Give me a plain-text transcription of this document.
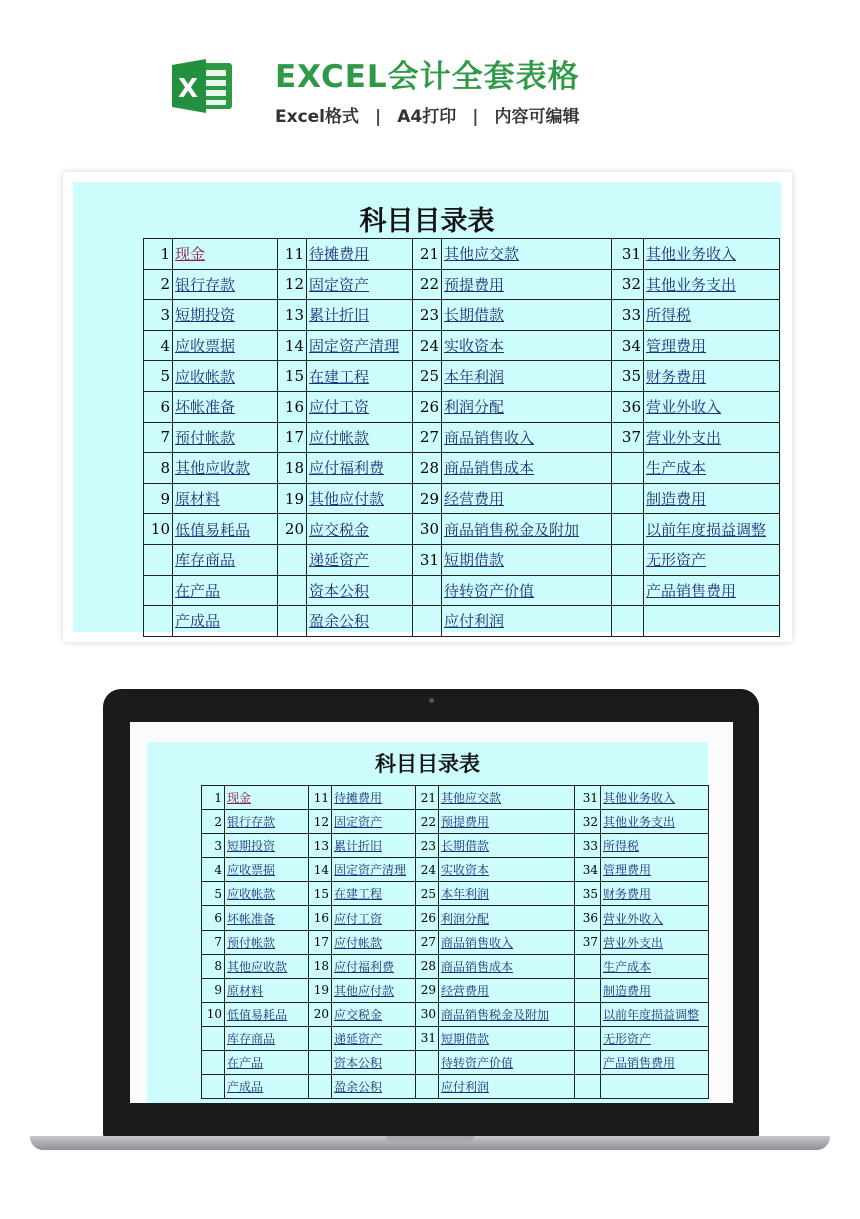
X EXCEL会计全套表格
Excel格式 | A4打印 | 内容可编辑
科目目录表
1	现金	11	待摊费用	21	其他应交款	31	其他业务收入
2	银行存款	12	固定资产	22	预提费用	32	其他业务支出
3	短期投资	13	累计折旧	23	长期借款	33	所得税
4	应收票据	14	固定资产清理	24	实收资本	34	管理费用
5	应收帐款	15	在建工程	25	本年利润	35	财务费用
6	坏帐准备	16	应付工资	26	利润分配	36	营业外收入
7	预付帐款	17	应付帐款	27	商品销售收入	37	营业外支出
8	其他应收款	18	应付福利费	28	商品销售成本		生产成本
9	原材料	19	其他应付款	29	经营费用		制造费用
10	低值易耗品	20	应交税金	30	商品销售税金及附加		以前年度损益调整
	库存商品		递延资产	31	短期借款		无形资产
	在产品		资本公积		待转资产价值		产品销售费用
	产成品		盈余公积		应付利润		
科目目录表
1	现金	11	待摊费用	21	其他应交款	31	其他业务收入
2	银行存款	12	固定资产	22	预提费用	32	其他业务支出
3	短期投资	13	累计折旧	23	长期借款	33	所得税
4	应收票据	14	固定资产清理	24	实收资本	34	管理费用
5	应收帐款	15	在建工程	25	本年利润	35	财务费用
6	坏帐准备	16	应付工资	26	利润分配	36	营业外收入
7	预付帐款	17	应付帐款	27	商品销售收入	37	营业外支出
8	其他应收款	18	应付福利费	28	商品销售成本		生产成本
9	原材料	19	其他应付款	29	经营费用		制造费用
10	低值易耗品	20	应交税金	30	商品销售税金及附加		以前年度损益调整
	库存商品		递延资产	31	短期借款		无形资产
	在产品		资本公积		待转资产价值		产品销售费用
	产成品		盈余公积		应付利润		
